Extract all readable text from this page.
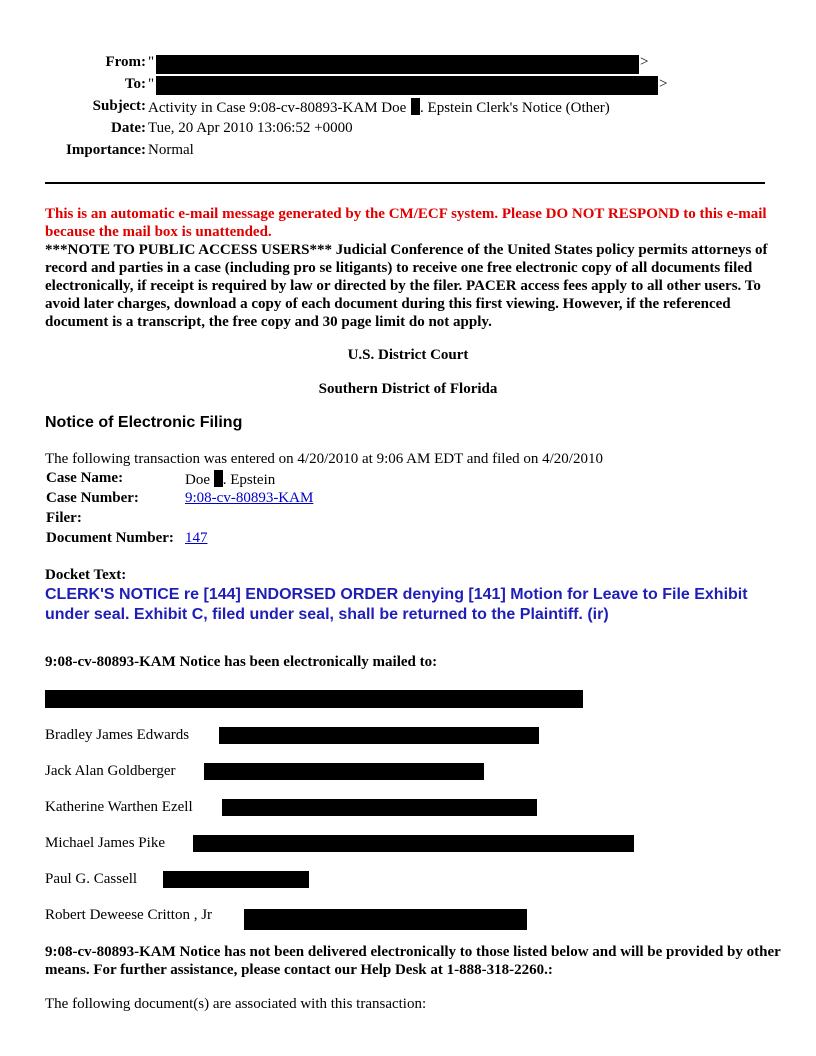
From: "	>
To: "	>
Subject: Activity in Case 9:08-cv-80893-KAM Doe . Epstein Clerk's Notice (Other)
Date: Tue, 20 Apr 2010 13:06:52 +0000
Importance: Normal
This is an automatic e-mail message generated by the CM/ECF system. Please DO NOT RESPOND to this e-mail because the mail box is unattended.
***NOTE TO PUBLIC ACCESS USERS*** Judicial Conference of the United States policy permits attorneys of record and parties in a case (including pro se litigants) to receive one free electronic copy of all documents filed electronically, if receipt is required by law or directed by the filer. PACER access fees apply to all other users. To avoid later charges, download a copy of each document during this first viewing. However, if the referenced document is a transcript, the free copy and 30 page limit do not apply.
U.S. District Court
Southern District of Florida
Notice of Electronic Filing
The following transaction was entered on 4/20/2010 at 9:06 AM EDT and filed on 4/20/2010
Case Name:	Doe . Epstein
Case Number:	9:08-cv-80893-KAM
Filer:
Document Number: 147
Docket Text:
CLERK'S NOTICE re [144] ENDORSED ORDER denying [141] Motion for Leave to File Exhibit under seal. Exhibit C, filed under seal, shall be returned to the Plaintiff. (ir)
9:08-cv-80893-KAM Notice has been electronically mailed to:
Bradley James Edwards
Jack Alan Goldberger
Katherine Warthen Ezell
Michael James Pike
Paul G. Cassell
Robert Deweese Critton , Jr
9:08-cv-80893-KAM Notice has not been delivered electronically to those listed below and will be provided by other means. For further assistance, please contact our Help Desk at 1-888-318-2260.:
The following document(s) are associated with this transaction:
